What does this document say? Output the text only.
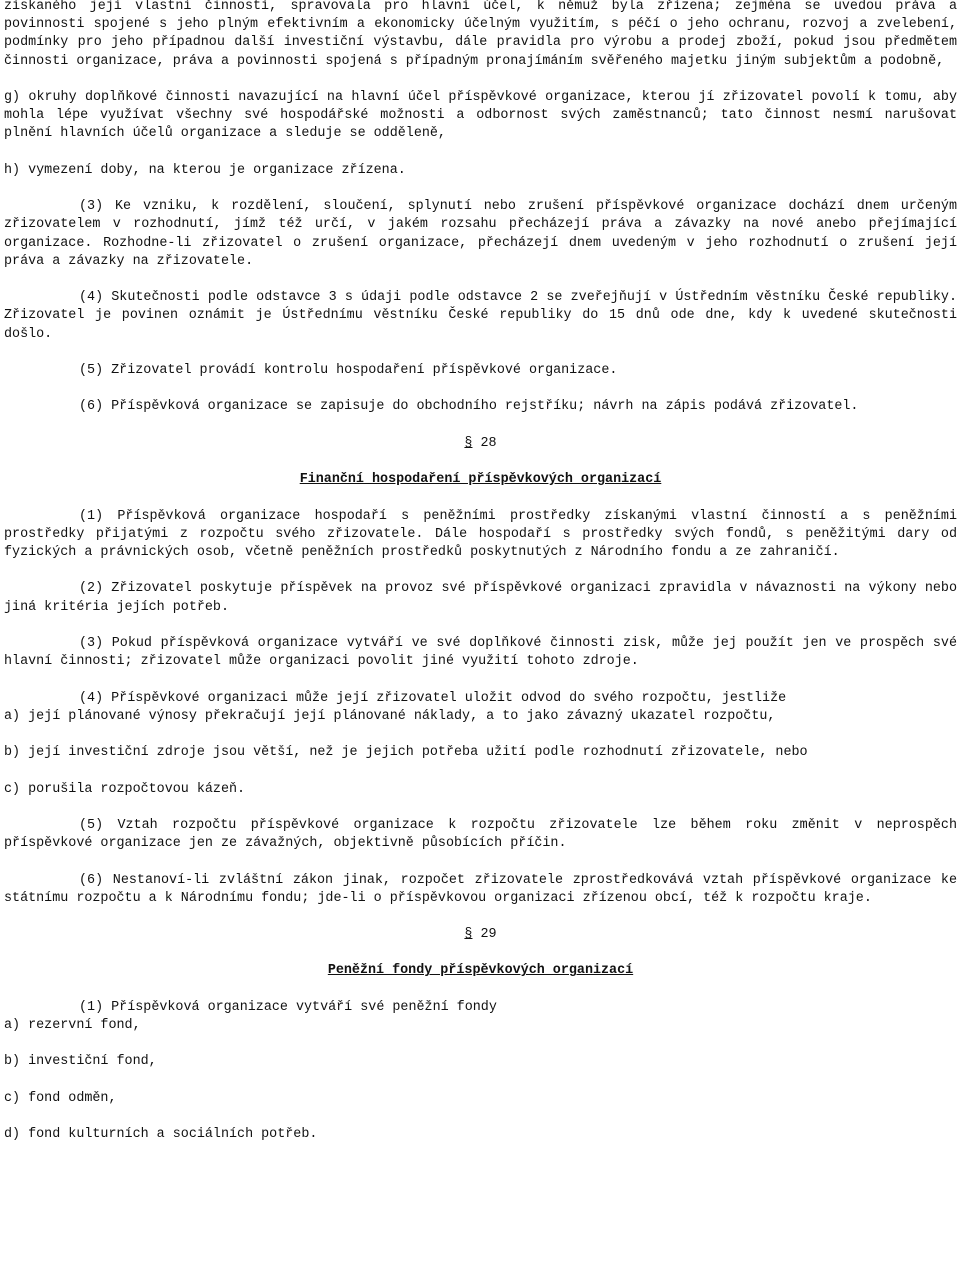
získaného její vlastní činností, spravovala pro hlavní účel, k němuž byla zřízena; zejména se uvedou práva a povinnosti spojené s jeho plným efektivním a ekonomicky účelným využitím, s péčí o jeho ochranu, rozvoj a zvelebení, podmínky pro jeho případnou další investiční výstavbu, dále pravidla pro výrobu a prodej zboží, pokud jsou předmětem činnosti organizace, práva a povinnosti spojená s případným pronajímáním svěřeného majetku jiným subjektům a podobně,

g) okruhy doplňkové činnosti navazující na hlavní účel příspěvkové organizace, kterou jí zřizovatel povolí k tomu, aby mohla lépe využívat všechny své hospodářské možnosti a odbornost svých zaměstnanců; tato činnost nesmí narušovat plnění hlavních účelů organizace a sleduje se odděleně,

h) vymezení doby, na kterou je organizace zřízena.

(3) Ke vzniku, k rozdělení, sloučení, splynutí nebo zrušení příspěvkové organizace dochází dnem určeným zřizovatelem v rozhodnutí, jímž též určí, v jakém rozsahu přecházejí práva a závazky na nové anebo přejímající organizace. Rozhodne-li zřizovatel o zrušení organizace, přecházejí dnem uvedeným v jeho rozhodnutí o zrušení její práva a závazky na zřizovatele.

(4) Skutečnosti podle odstavce 3 s údaji podle odstavce 2 se zveřejňují v Ústředním věstníku České republiky. Zřizovatel je povinen oznámit je Ústřednímu věstníku České republiky do 15 dnů ode dne, kdy k uvedené skutečnosti došlo.

(5) Zřizovatel provádí kontrolu hospodaření příspěvkové organizace.

(6) Příspěvková organizace se zapisuje do obchodního rejstříku; návrh na zápis podává zřizovatel.

§ 28

Finanční hospodaření příspěvkových organizací

(1) Příspěvková organizace hospodaří s peněžními prostředky získanými vlastní činností a s peněžními prostředky přijatými z rozpočtu svého zřizovatele. Dále hospodaří s prostředky svých fondů, s peněžitými dary od fyzických a právnických osob, včetně peněžních prostředků poskytnutých z Národního fondu a ze zahraničí.

(2) Zřizovatel poskytuje příspěvek na provoz své příspěvkové organizaci zpravidla v návaznosti na výkony nebo jiná kritéria jejích potřeb.

(3) Pokud příspěvková organizace vytváří ve své doplňkové činnosti zisk, může jej použít jen ve prospěch své hlavní činnosti; zřizovatel může organizaci povolit jiné využití tohoto zdroje.

(4) Příspěvkové organizaci může její zřizovatel uložit odvod do svého rozpočtu, jestliže

a) její plánované výnosy překračují její plánované náklady, a to jako závazný ukazatel rozpočtu,

b) její investiční zdroje jsou větší, než je jejich potřeba užití podle rozhodnutí zřizovatele, nebo

c) porušila rozpočtovou kázeň.

(5) Vztah rozpočtu příspěvkové organizace k rozpočtu zřizovatele lze během roku změnit v neprospěch příspěvkové organizace jen ze závažných, objektivně působících příčin.

(6) Nestanoví-li zvláštní zákon jinak, rozpočet zřizovatele zprostředkovává vztah příspěvkové organizace ke státnímu rozpočtu a k Národnímu fondu; jde-li o příspěvkovou organizaci zřízenou obcí, též k rozpočtu kraje.

§ 29

Peněžní fondy příspěvkových organizací

(1) Příspěvková organizace vytváří své peněžní fondy

a) rezervní fond,

b) investiční fond,

c) fond odměn,

d) fond kulturních a sociálních potřeb.
